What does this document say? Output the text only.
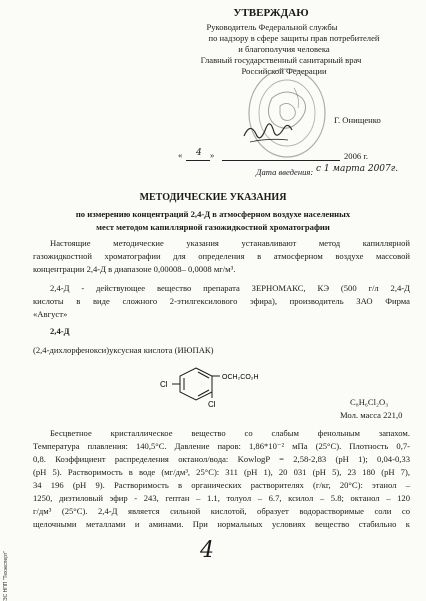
УТВЕРЖДАЮ
Руководитель Федеральной службы
по надзору в сфере защиты прав потребителей
и благополучия человека
Главный государственный санитарный врач
Российской Федерации
Г. Онищенко
« 4 »	2006 г.
Дата введения: с 1 марта 2007г.
МЕТОДИЧЕСКИЕ УКАЗАНИЯ
по измерению концентраций 2,4-Д в атмосферном воздухе населенных
мест методом капиллярной газожидкостной хроматографии
Настоящие методические указания устанавливают метод капиллярной
газожидкостной хроматографии для определения в атмосферном воздухе массовой
концентрации 2,4-Д в диапазоне 0,00008– 0,0008 мг/м³.
2,4-Д - действующее вещество препарата ЗЕРНОМАКС, КЭ (500 г/л 2,4-Д
кислоты в виде сложного 2-этилгексилового эфира), производитель ЗАО Фирма
«Август»
2,4-Д
(2,4-дихлорфенокси)уксусная кислота (ИЮПАК)
Cl
Cl
OCH₂CO₂H
C₈H₆Cl₂O₃
Мол. масса 221,0
Бесцветное кристаллическое вещество со слабым фенольным запахом.
Температура плавления: 140,5°С. Давление паров: 1,86*10⁻² мПа (25°С). Плотность 0,7-
0,8. Коэффициент распределения октанол/вода: KowlogP = 2,58-2,83 (pH 1); 0,04-0,33
(pH 5). Растворимость в воде (мг/дм³, 25°С): 311 (pH 1), 20 031 (pH 5), 23 180 (pH 7),
34 196 (pH 9). Растворимость в органических растворителях (г/кг, 20°С): этанол –
1250, диэтиловый эфир - 243, гептан – 1.1, толуол – 6.7, ксилол – 5.8; октанол – 120
г/дм³ (25°С). 2,4-Д является сильной кислотой, образует водорастворимые соли со
щелочными металлами и аминами. При нормальных условиях вещество стабильно к
4
ЭС НПП "Техэксперт"
